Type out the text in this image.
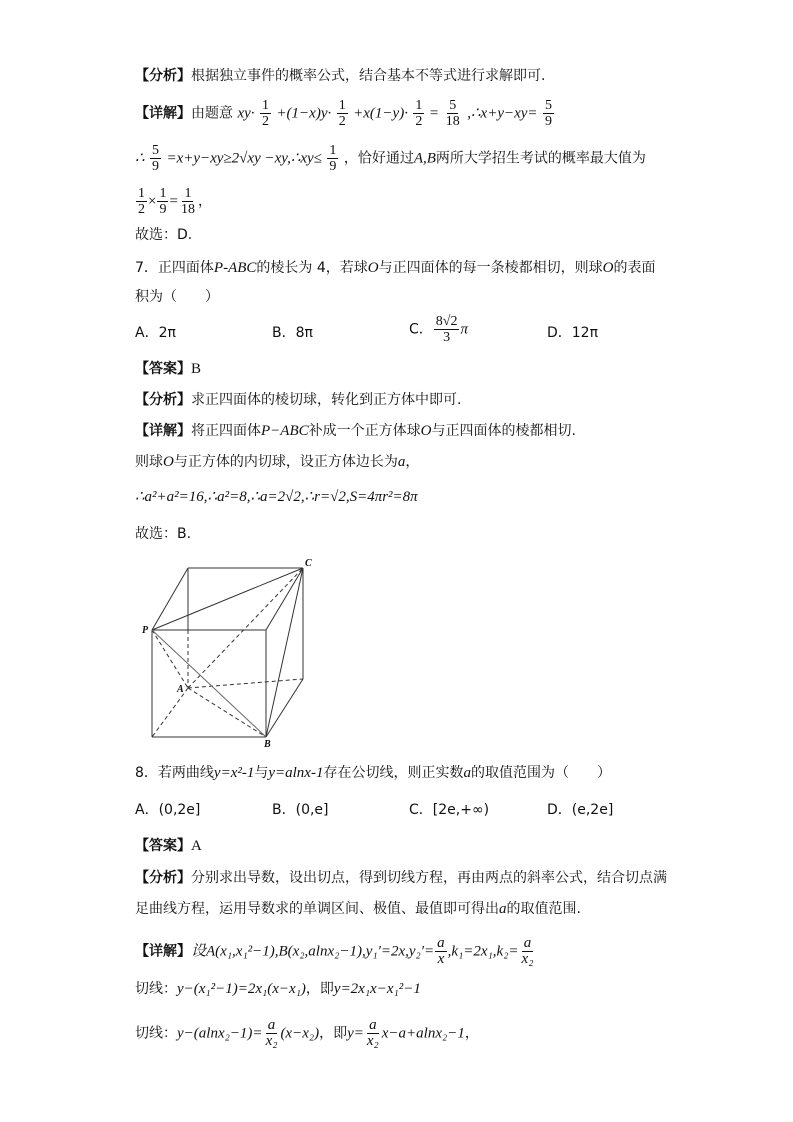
【分析】根据独立事件的概率公式，结合基本不等式进行求解即可.
【详解】由题意 $xy\cdot \frac{1}{2} +(1-x)y\cdot \frac{1}{2} +x(1-y)\cdot \frac{1}{2} = \frac{5}{18}$ ,∴x+y−xy= $\frac{5}{9}$
∴ $\frac{5}{9} =x+y-xy\ge 2√xy$ −xy,∴xy≤ $\frac{1}{9}$ ，恰好通过A,B两所大学招生考试的概率最大值为
$\frac{1}{2} \times \frac{1}{9} = \frac{1}{18}$ ，
故选：D.
7．正四面体P-ABC的棱长为 4，若球O与正四面体的每一条棱都相切，则球O的表面
积为（　　）
A．2π	B．8π	C． $\frac{8√2}{3}$ π	D．12π
【答案】B
【分析】求正四面体的棱切球，转化到正方体中即可.
【详解】将正四面体P−ABC补成一个正方体球O与正四面体的棱都相切.
则球O与正方体的内切球，设正方体边长为a，
∴a²+a²=16,∴a²=8,∴a=2√2,∴r=√2,S=4πr²=8π
故选：B.
C
P
A
B
8．若两曲线y=x²-1与y=alnx-1存在公切线，则正实数a的取值范围为（　　）
A．(0,2e]	B．(0,e]	C．[2e,+∞)	D．(e,2e]
【答案】A
【分析】分别求出导数，设出切点，得到切线方程，再由两点的斜率公式，结合切点满
足曲线方程，运用导数求的单调区间、极值、最值即可得出a的取值范围.
【详解】设$A(x_1,x_1^2-1),B(x_2,alnx_2-1),y_1'=2x,y_2'= \frac{a}{x} ,k_1=2x_1,k_2= \frac{a}{\text{x₂}}$
切线：y−(x₁²−1)=2x₁(x−x₁)，即y=2x₁x−x₁²−1
切线：$y-(alnx_2-1)= \frac{a}{\text{x₂}} (x-x_2)$，即$y= \frac{a}{\text{x₂}} x-a+alnx_2-1$，
